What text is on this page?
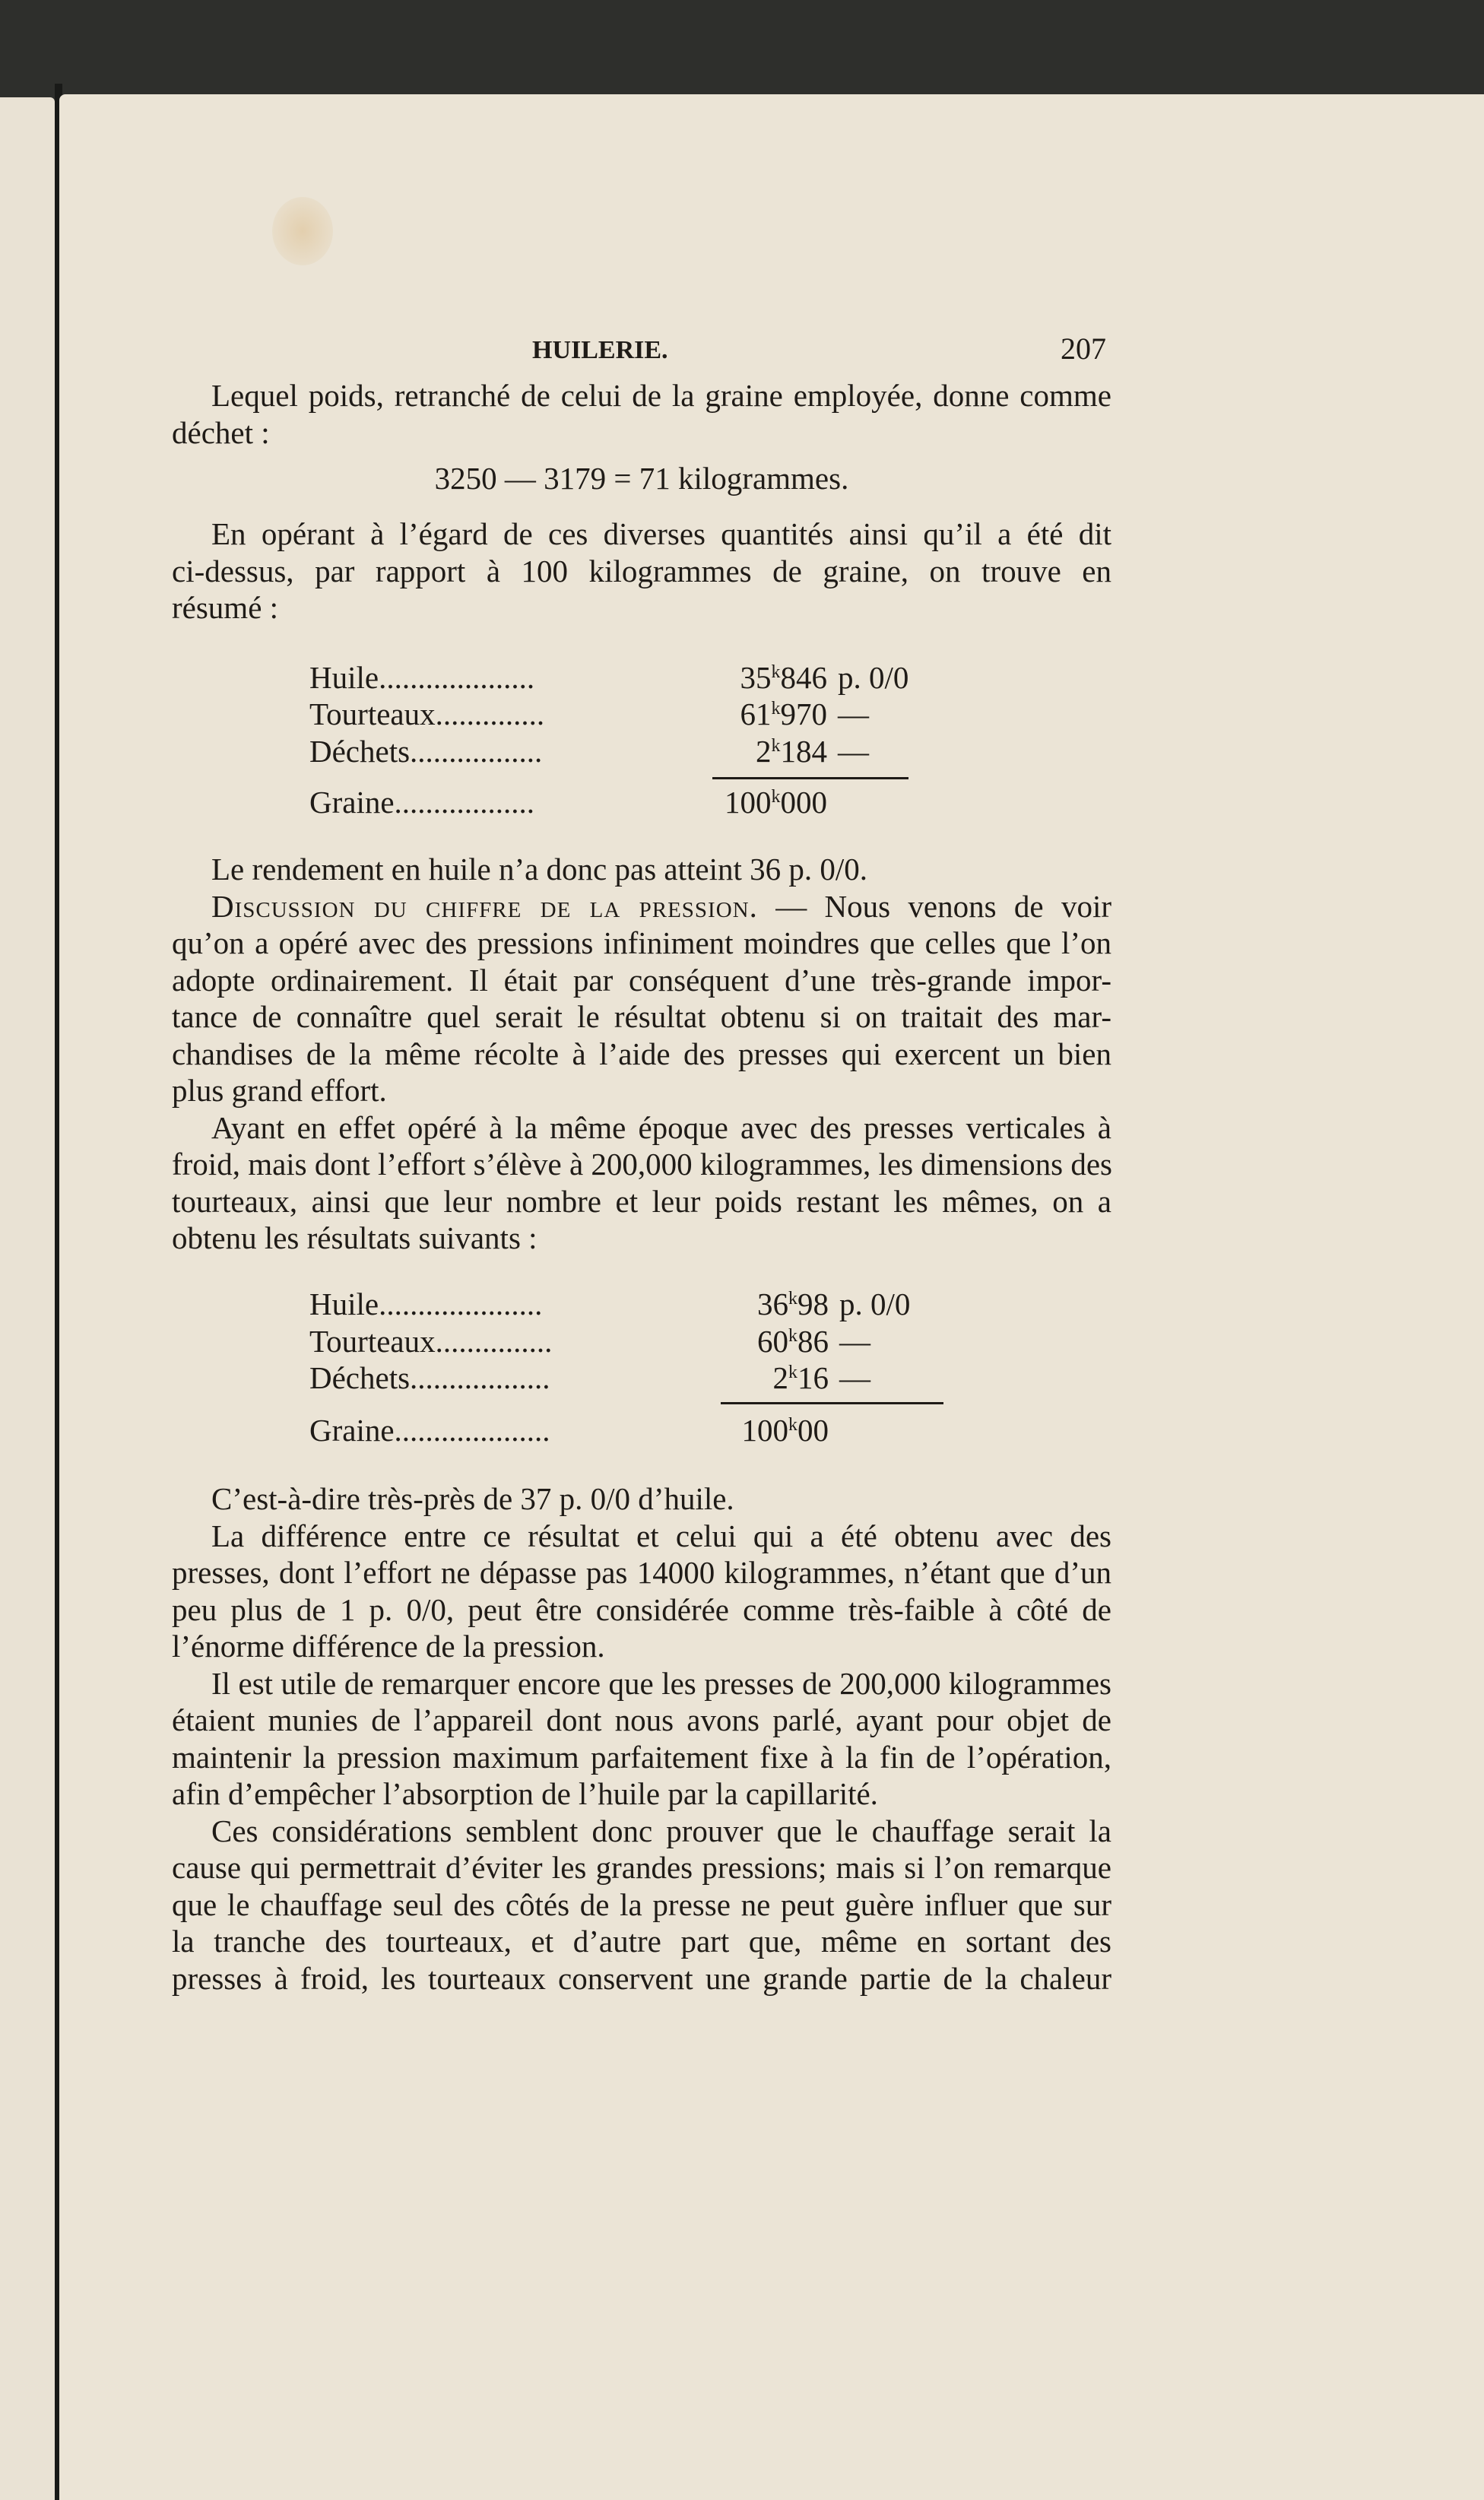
HUILERIE.	207
Lequel poids, retranché de celui de la graine employée, donne comme
déchet :
3250 — 3179 = 71 kilogrammes.
En opérant à l’égard de ces diverses quantités ainsi qu’il a été dit
ci-dessus, par rapport à 100 kilogrammes de graine, on trouve en
résumé :
Huile....................	35$^k$846 p. 0/0
Tourteaux..............	61$^k$970 —
Déchets.................	2$^k$184 —
Graine..................	100$^k$000
Le rendement en huile n’a donc pas atteint 36 p. 0/0.
Discussion du chiffre de la pression. — Nous venons de voir
qu’on a opéré avec des pressions infiniment moindres que celles que l’on
adopte ordinairement. Il était par conséquent d’une très-grande impor-
tance de connaître quel serait le résultat obtenu si on traitait des mar-
chandises de la même récolte à l’aide des presses qui exercent un bien
plus grand effort.
Ayant en effet opéré à la même époque avec des presses verticales à
froid, mais dont l’effort s’élève à 200,000 kilogrammes, les dimensions des
tourteaux, ainsi que leur nombre et leur poids restant les mêmes, on a
obtenu les résultats suivants :
Huile.....................	36$^k$98 p. 0/0
Tourteaux...............	60$^k$86 —
Déchets..................	2$^k$16 —
Graine....................	100$^k$00
C’est-à-dire très-près de 37 p. 0/0 d’huile.
La différence entre ce résultat et celui qui a été obtenu avec des
presses, dont l’effort ne dépasse pas 14000 kilogrammes, n’étant que d’un
peu plus de 1 p. 0/0, peut être considérée comme très-faible à côté de
l’énorme différence de la pression.
Il est utile de remarquer encore que les presses de 200,000 kilogrammes
étaient munies de l’appareil dont nous avons parlé, ayant pour objet de
maintenir la pression maximum parfaitement fixe à la fin de l’opération,
afin d’empêcher l’absorption de l’huile par la capillarité.
Ces considérations semblent donc prouver que le chauffage serait la
cause qui permettrait d’éviter les grandes pressions; mais si l’on remarque
que le chauffage seul des côtés de la presse ne peut guère influer que sur
la tranche des tourteaux, et d’autre part que, même en sortant des
presses à froid, les tourteaux conservent une grande partie de la chaleur
